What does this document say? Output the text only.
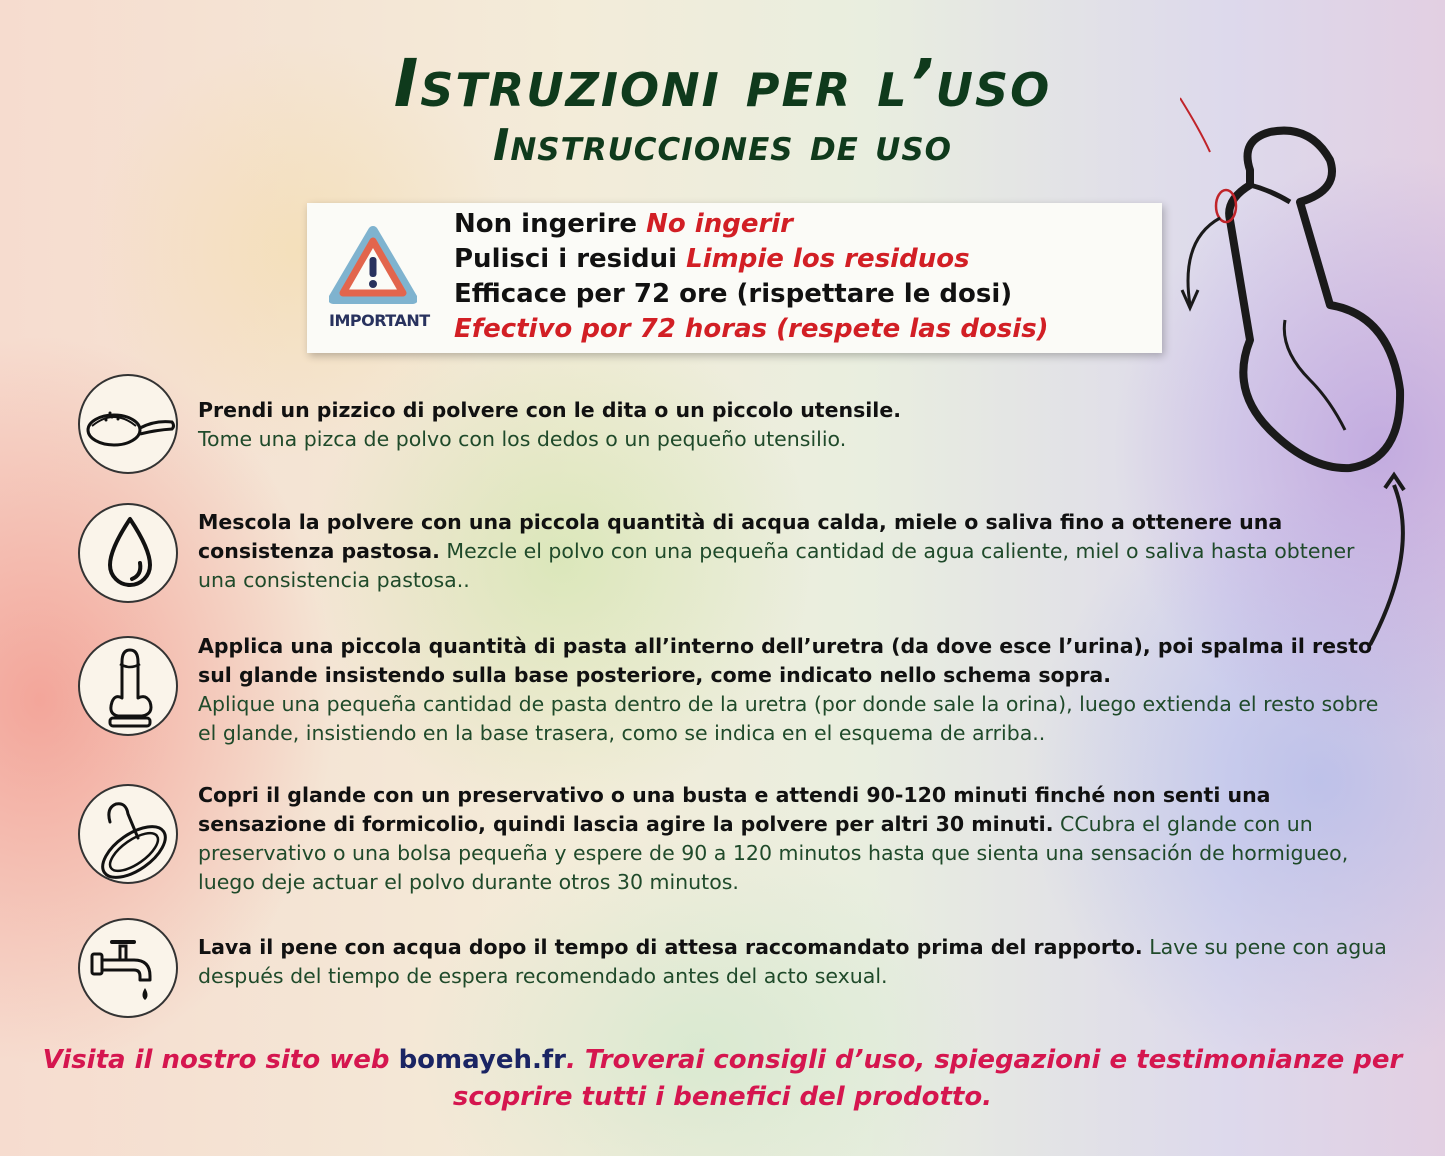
Istruzioni per l’uso
Instrucciones de uso
IMPORTANT
Non ingerire No ingerir
Pulisci i residui Limpie los residuos
Efficace per 72 ore (rispettare le dosi)
Efectivo por 72 horas (respete las dosis)
Prendi un pizzico di polvere con le dita o un piccolo utensile.
Tome una pizca de polvo con los dedos o un pequeño utensilio.
Mescola la polvere con una piccola quantità di acqua calda, miele o saliva fino a ottenere una consistenza pastosa. Mezcle el polvo con una pequeña cantidad de agua caliente, miel o saliva hasta obtener una consistencia pastosa..
Applica una piccola quantità di pasta all’interno dell’uretra (da dove esce l’urina), poi spalma il resto sul glande insistendo sulla base posteriore, come indicato nello schema sopra.
Aplique una pequeña cantidad de pasta dentro de la uretra (por donde sale la orina), luego extienda el resto sobre el glande, insistiendo en la base trasera, como se indica en el esquema de arriba..
Copri il glande con un preservativo o una busta e attendi 90-120 minuti finché non senti una sensazione di formicolio, quindi lascia agire la polvere per altri 30 minuti. CCubra el glande con un preservativo o una bolsa pequeña y espere de 90 a 120 minutos hasta que sienta una sensación de hormigueo, luego deje actuar el polvo durante otros 30 minutos.
Lava il pene con acqua dopo il tempo di attesa raccomandato prima del rapporto. Lave su pene con agua después del tiempo de espera recomendado antes del acto sexual.
Visita il nostro sito web bomayeh.fr. Troverai consigli d’uso, spiegazioni e testimonianze per scoprire tutti i benefici del prodotto.
